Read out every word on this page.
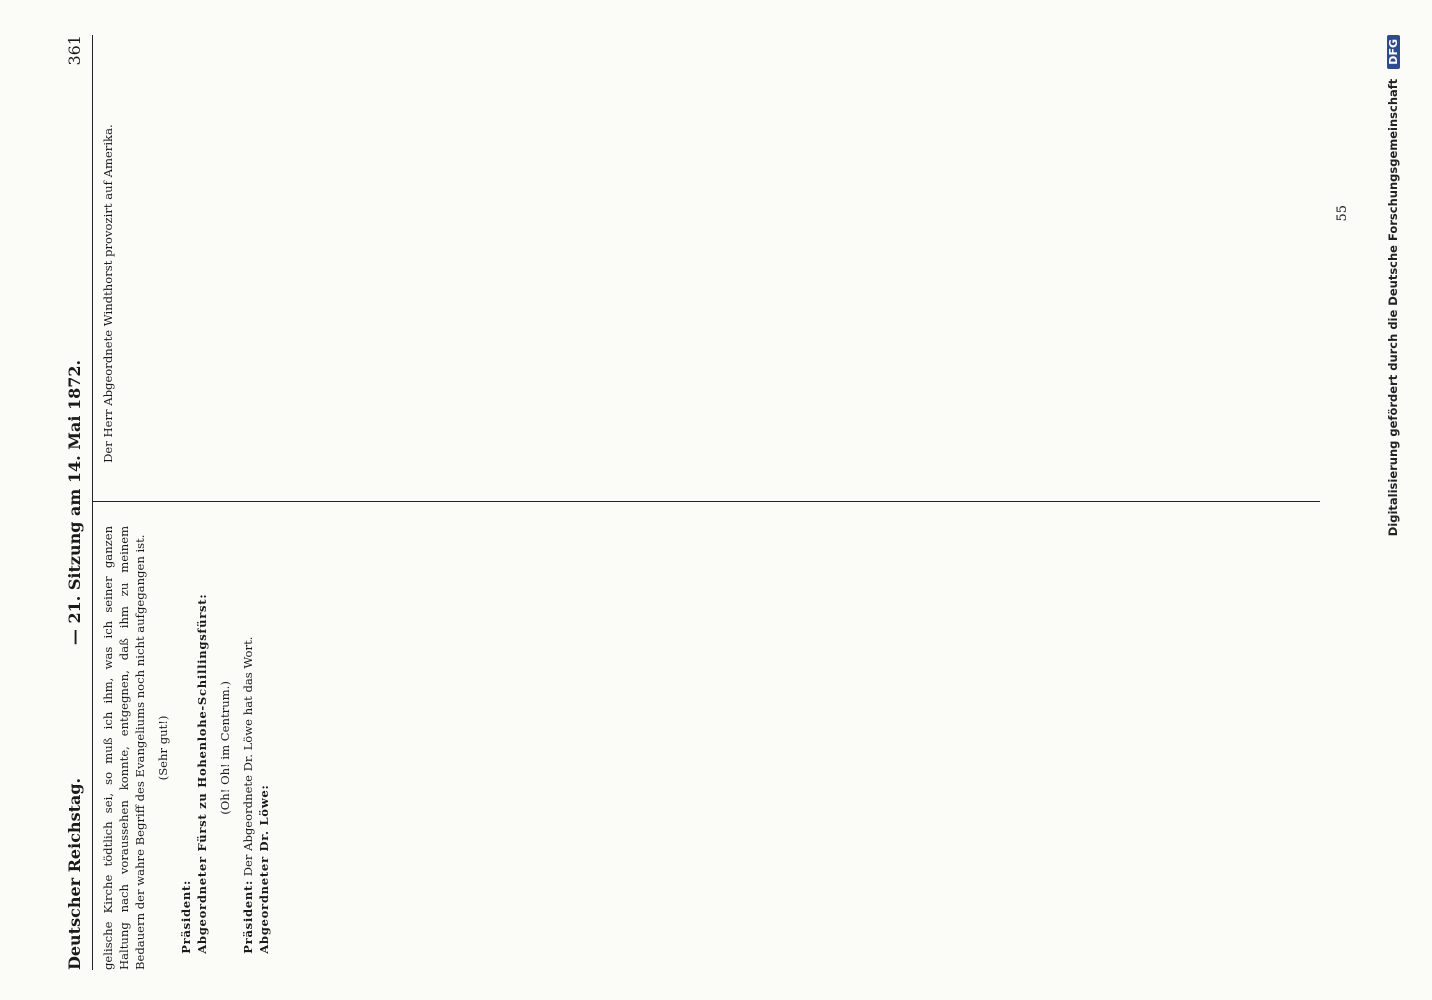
Deutscher Reichstag.
— 21. Sitzung am 14. Mai 1872.
361

gelische Kirche tödtlich sei, so muß ich ihm, was ich seiner ganzen Haltung nach voraussehen konnte, entgegnen, daß ihm zu meinem Bedauern der wahre Begriff des Evangeliums noch nicht aufgegangen ist. (Sehr gut!)

Präsident: Abgeordneter Fürst zu Hohenlohe-Schillingsfürst: (Oh! Oh! im Centrum.)

Präsident: Der Abgeordnete Dr. Löwe hat das Wort. Abgeordneter Dr. Löwe:

Der Herr Abgeordnete Windthorst provozirt auf Amerika.	55	Digitalisierung gefördert durch die Deutsche Forschungsgemeinschaft DFG
